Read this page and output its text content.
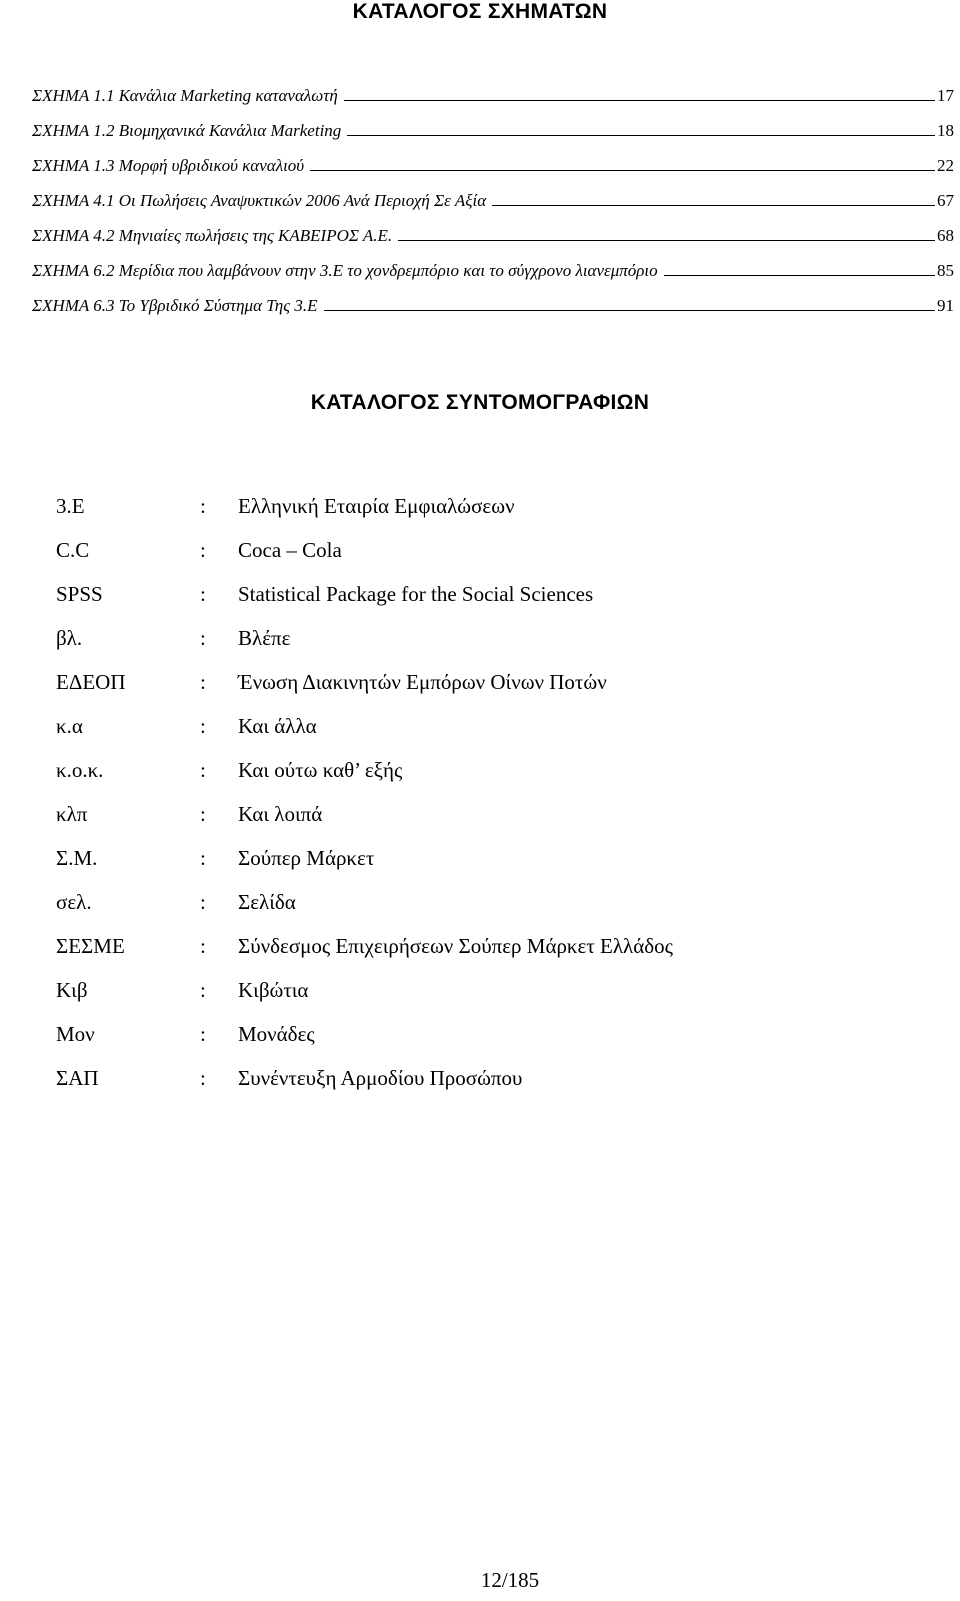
ΚΑΤΑΛΟΓΟΣ ΣΧΗΜΑΤΩΝ
ΣΧΗΜΑ 1.1 Κανάλια Marketing καταναλωτή	17
ΣΧΗΜΑ 1.2 Βιομηχανικά Κανάλια Marketing	18
ΣΧΗΜΑ 1.3 Μορφή υβριδικού καναλιού	22
ΣΧΗΜΑ 4.1 Οι Πωλήσεις Αναψυκτικών 2006 Ανά Περιοχή Σε Αξία	67
ΣΧΗΜΑ 4.2 Μηνιαίες πωλήσεις της ΚΑΒΕΙΡΟΣ Α.Ε.	68
ΣΧΗΜΑ 6.2 Μερίδια που λαμβάνουν στην 3.Ε το χονδρεμπόριο και το σύγχρονο λιανεμπόριο	85
ΣΧΗΜΑ 6.3 Το Υβριδικό Σύστημα Της 3.Ε	91
ΚΑΤΑΛΟΓΟΣ ΣΥΝΤΟΜΟΓΡΑΦΙΩΝ
3.Ε	: Ελληνική Εταιρία Εμφιαλώσεων
C.C	: Coca – Cola
SPSS	: Statistical Package for the Social Sciences
βλ.	: Βλέπε
ΕΔΕΟΠ	: Ένωση Διακινητών Εμπόρων Οίνων Ποτών
κ.α	: Και άλλα
κ.ο.κ.	: Και ούτω καθ’ εξής
κλπ	: Και λοιπά
Σ.Μ.	: Σούπερ Μάρκετ
σελ.	: Σελίδα
ΣΕΣΜΕ	: Σύνδεσμος Επιχειρήσεων Σούπερ Μάρκετ Ελλάδος
Κιβ	: Κιβώτια
Μον	: Μονάδες
ΣΑΠ	: Συνέντευξη Αρμοδίου Προσώπου
12/185
